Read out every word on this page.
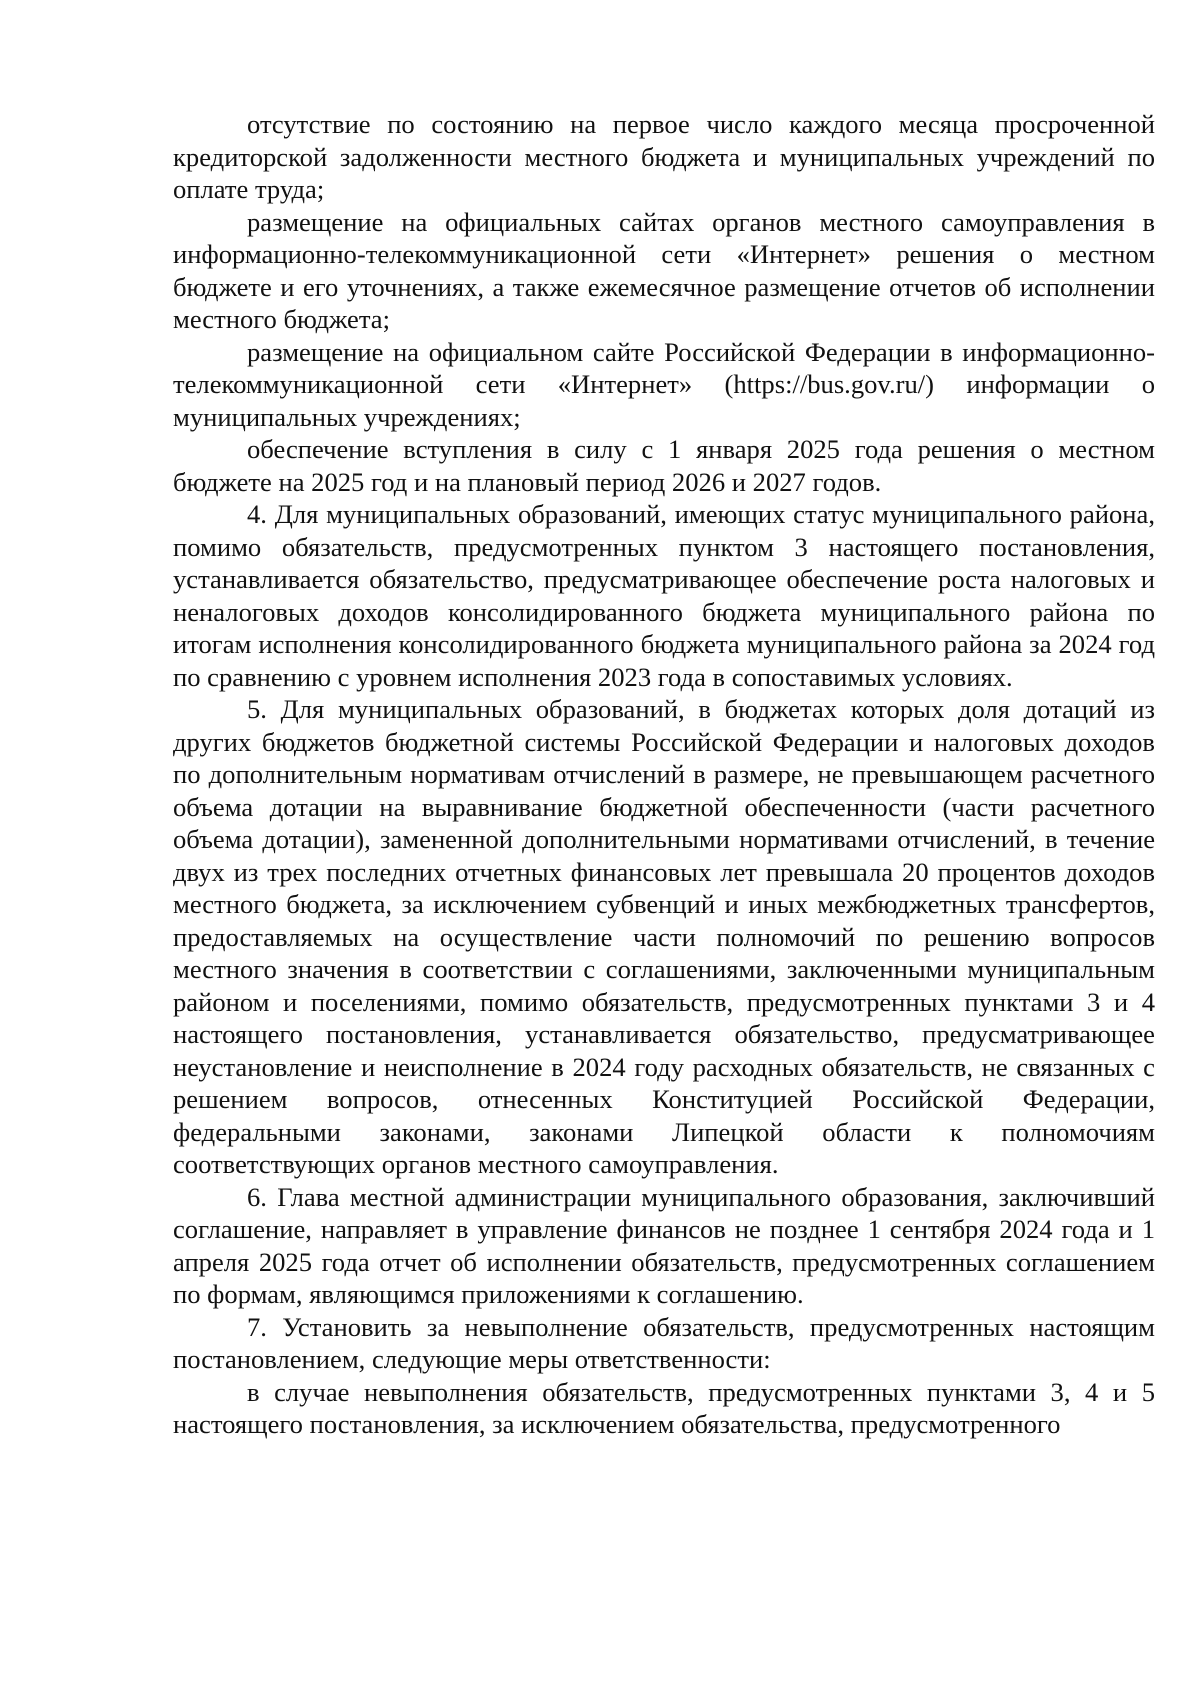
отсутствие по состоянию на первое число каждого месяца просроченной кредиторской задолженности местного бюджета и муниципальных учреждений по оплате труда;

размещение на официальных сайтах органов местного самоуправления в информационно-телекоммуникационной сети «Интернет» решения о местном бюджете и его уточнениях, а также ежемесячное размещение отчетов об исполнении местного бюджета;

размещение на официальном сайте Российской Федерации в информационно-телекоммуникационной сети «Интернет» (https://bus.gov.ru/) информации о муниципальных учреждениях;

обеспечение вступления в силу с 1 января 2025 года решения о местном бюджете на 2025 год и на плановый период 2026 и 2027 годов.

4. Для муниципальных образований, имеющих статус муниципального района, помимо обязательств, предусмотренных пунктом 3 настоящего постановления, устанавливается обязательство, предусматривающее обеспечение роста налоговых и неналоговых доходов консолидированного бюджета муниципального района по итогам исполнения консолидированного бюджета муниципального района за 2024 год по сравнению с уровнем исполнения 2023 года в сопоставимых условиях.

5. Для муниципальных образований, в бюджетах которых доля дотаций из других бюджетов бюджетной системы Российской Федерации и налоговых доходов по дополнительным нормативам отчислений в размере, не превышающем расчетного объема дотации на выравнивание бюджетной обеспеченности (части расчетного объема дотации), замененной дополнительными нормативами отчислений, в течение двух из трех последних отчетных финансовых лет превышала 20 процентов доходов местного бюджета, за исключением субвенций и иных межбюджетных трансфертов, предоставляемых на осуществление части полномочий по решению вопросов местного значения в соответствии с соглашениями, заключенными муниципальным районом и поселениями, помимо обязательств, предусмотренных пунктами 3 и 4 настоящего постановления, устанавливается обязательство, предусматривающее неустановление и неисполнение в 2024 году расходных обязательств, не связанных с решением вопросов, отнесенных Конституцией Российской Федерации, федеральными законами, законами Липецкой области к полномочиям соответствующих органов местного самоуправления.

6. Глава местной администрации муниципального образования, заключивший соглашение, направляет в управление финансов не позднее 1 сентября 2024 года и 1 апреля 2025 года отчет об исполнении обязательств, предусмотренных соглашением по формам, являющимся приложениями к соглашению.

7. Установить за невыполнение обязательств, предусмотренных настоящим постановлением, следующие меры ответственности:

в случае невыполнения обязательств, предусмотренных пунктами 3, 4 и 5 настоящего постановления, за исключением обязательства, предусмотренного
